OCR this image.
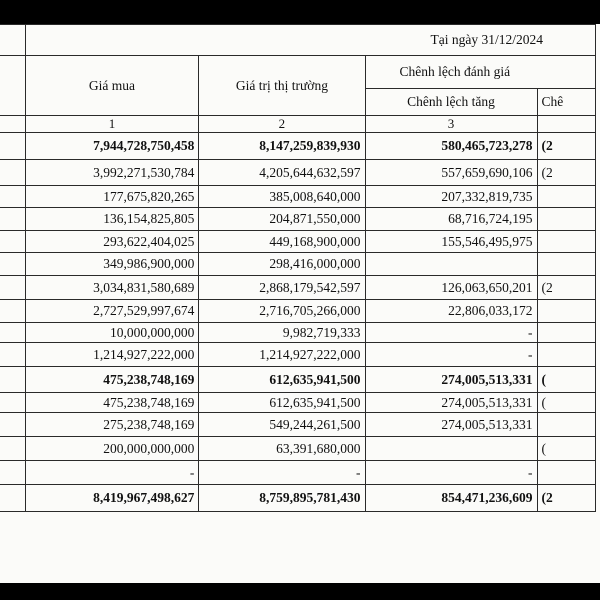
	Tại ngày 31/12/2024			
	Giá mua	Giá trị thị trường	Chênh lệch đánh giá	
			Chênh lệch tăng	Chê
	1	2	3	
	7,944,728,750,458	8,147,259,839,930	580,465,723,278	(2
	3,992,271,530,784	4,205,644,632,597	557,659,690,106	(2
	177,675,820,265	385,008,640,000	207,332,819,735	
	136,154,825,805	204,871,550,000	68,716,724,195	
	293,622,404,025	449,168,900,000	155,546,495,975	
	349,986,900,000	298,416,000,000		
	3,034,831,580,689	2,868,179,542,597	126,063,650,201	(2
	2,727,529,997,674	2,716,705,266,000	22,806,033,172	
	10,000,000,000	9,982,719,333	-	
	1,214,927,222,000	1,214,927,222,000	-	
	475,238,748,169	612,635,941,500	274,005,513,331	(
	475,238,748,169	612,635,941,500	274,005,513,331	(
	275,238,748,169	549,244,261,500	274,005,513,331	
	200,000,000,000	63,391,680,000		(
	-	-	-	
	8,419,967,498,627	8,759,895,781,430	854,471,236,609	(2
